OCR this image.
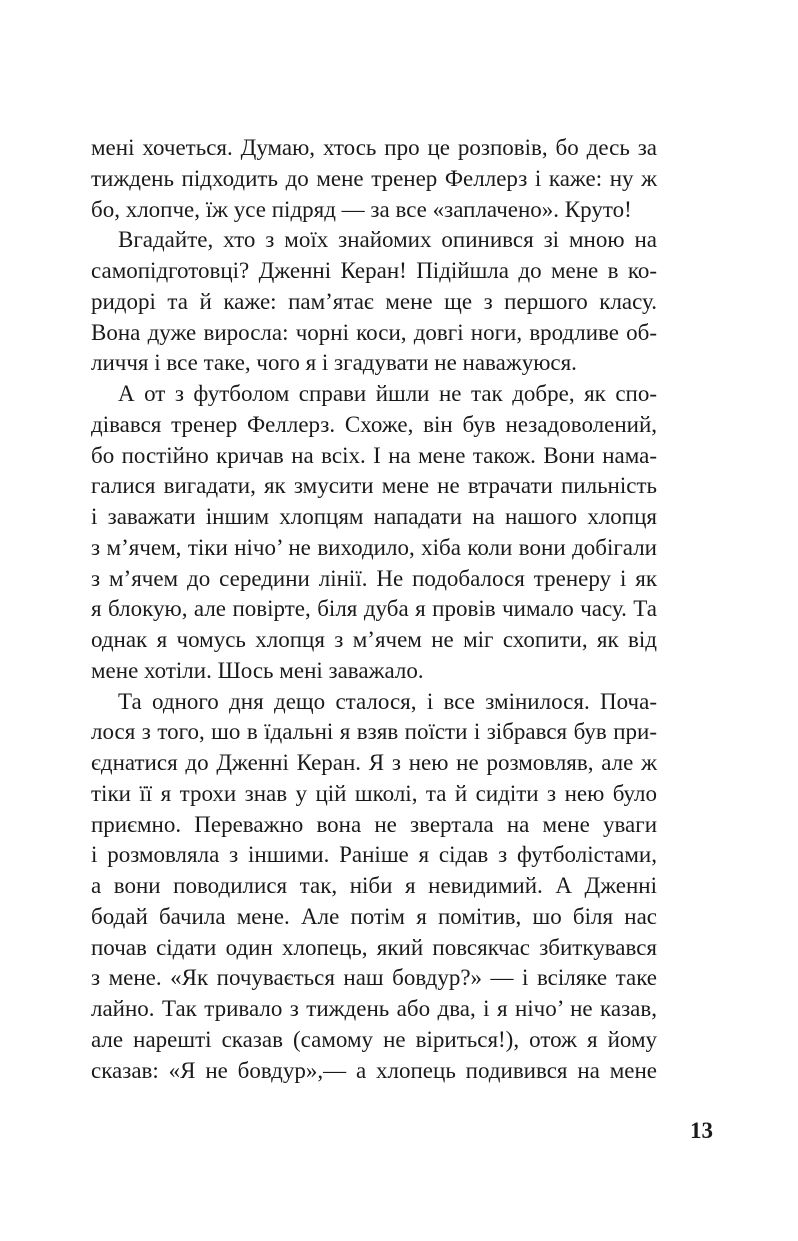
мені хочеться. Думаю, хтось про це розповів, бо десь за
тиждень підходить до мене тренер Феллерз і каже: ну ж
бо, хлопче, їж усе підряд — за все «заплачено». Круто!
Вгадайте, хто з моїх знайомих опинився зі мною на
самопідготовці? Дженні Керан! Підійшла до мене в ко-
ридорі та й каже: пам’ятає мене ще з першого класу.
Вона дуже виросла: чорні коси, довгі ноги, вродливе об-
личчя і все таке, чого я і згадувати не наважуюся.
А от з футболом справи йшли не так добре, як спо-
дівався тренер Феллерз. Схоже, він був незадоволений,
бо постійно кричав на всіх. І на мене також. Вони нама-
галися вигадати, як змусити мене не втрачати пильність
і заважати іншим хлопцям нападати на нашого хлопця
з м’ячем, тіки нічо’ не виходило, хіба коли вони добігали
з м’ячем до середини лінії. Не подобалося тренеру і як
я блокую, але повірте, біля дуба я провів чимало часу. Та
однак я чомусь хлопця з м’ячем не міг схопити, як від
мене хотіли. Шось мені заважало.
Та одного дня дещо сталося, і все змінилося. Поча-
лося з того, шо в їдальні я взяв поїсти і зібрався був при-
єднатися до Дженні Керан. Я з нею не розмовляв, але ж
тіки її я трохи знав у цій школі, та й сидіти з нею було
приємно. Переважно вона не звертала на мене уваги
і розмовляла з іншими. Раніше я сідав з футболістами,
а вони поводилися так, ніби я невидимий. А Дженні
бодай бачила мене. Але потім я помітив, шо біля нас
почав сідати один хлопець, який повсякчас збиткувався
з мене. «Як почувається наш бовдур?» — і всіляке таке
лайно. Так тривало з тиждень або два, і я нічо’ не казав,
але нарешті сказав (самому не віриться!), отож я йому
сказав: «Я не бовдур»,— а хлопець подивився на мене
13
